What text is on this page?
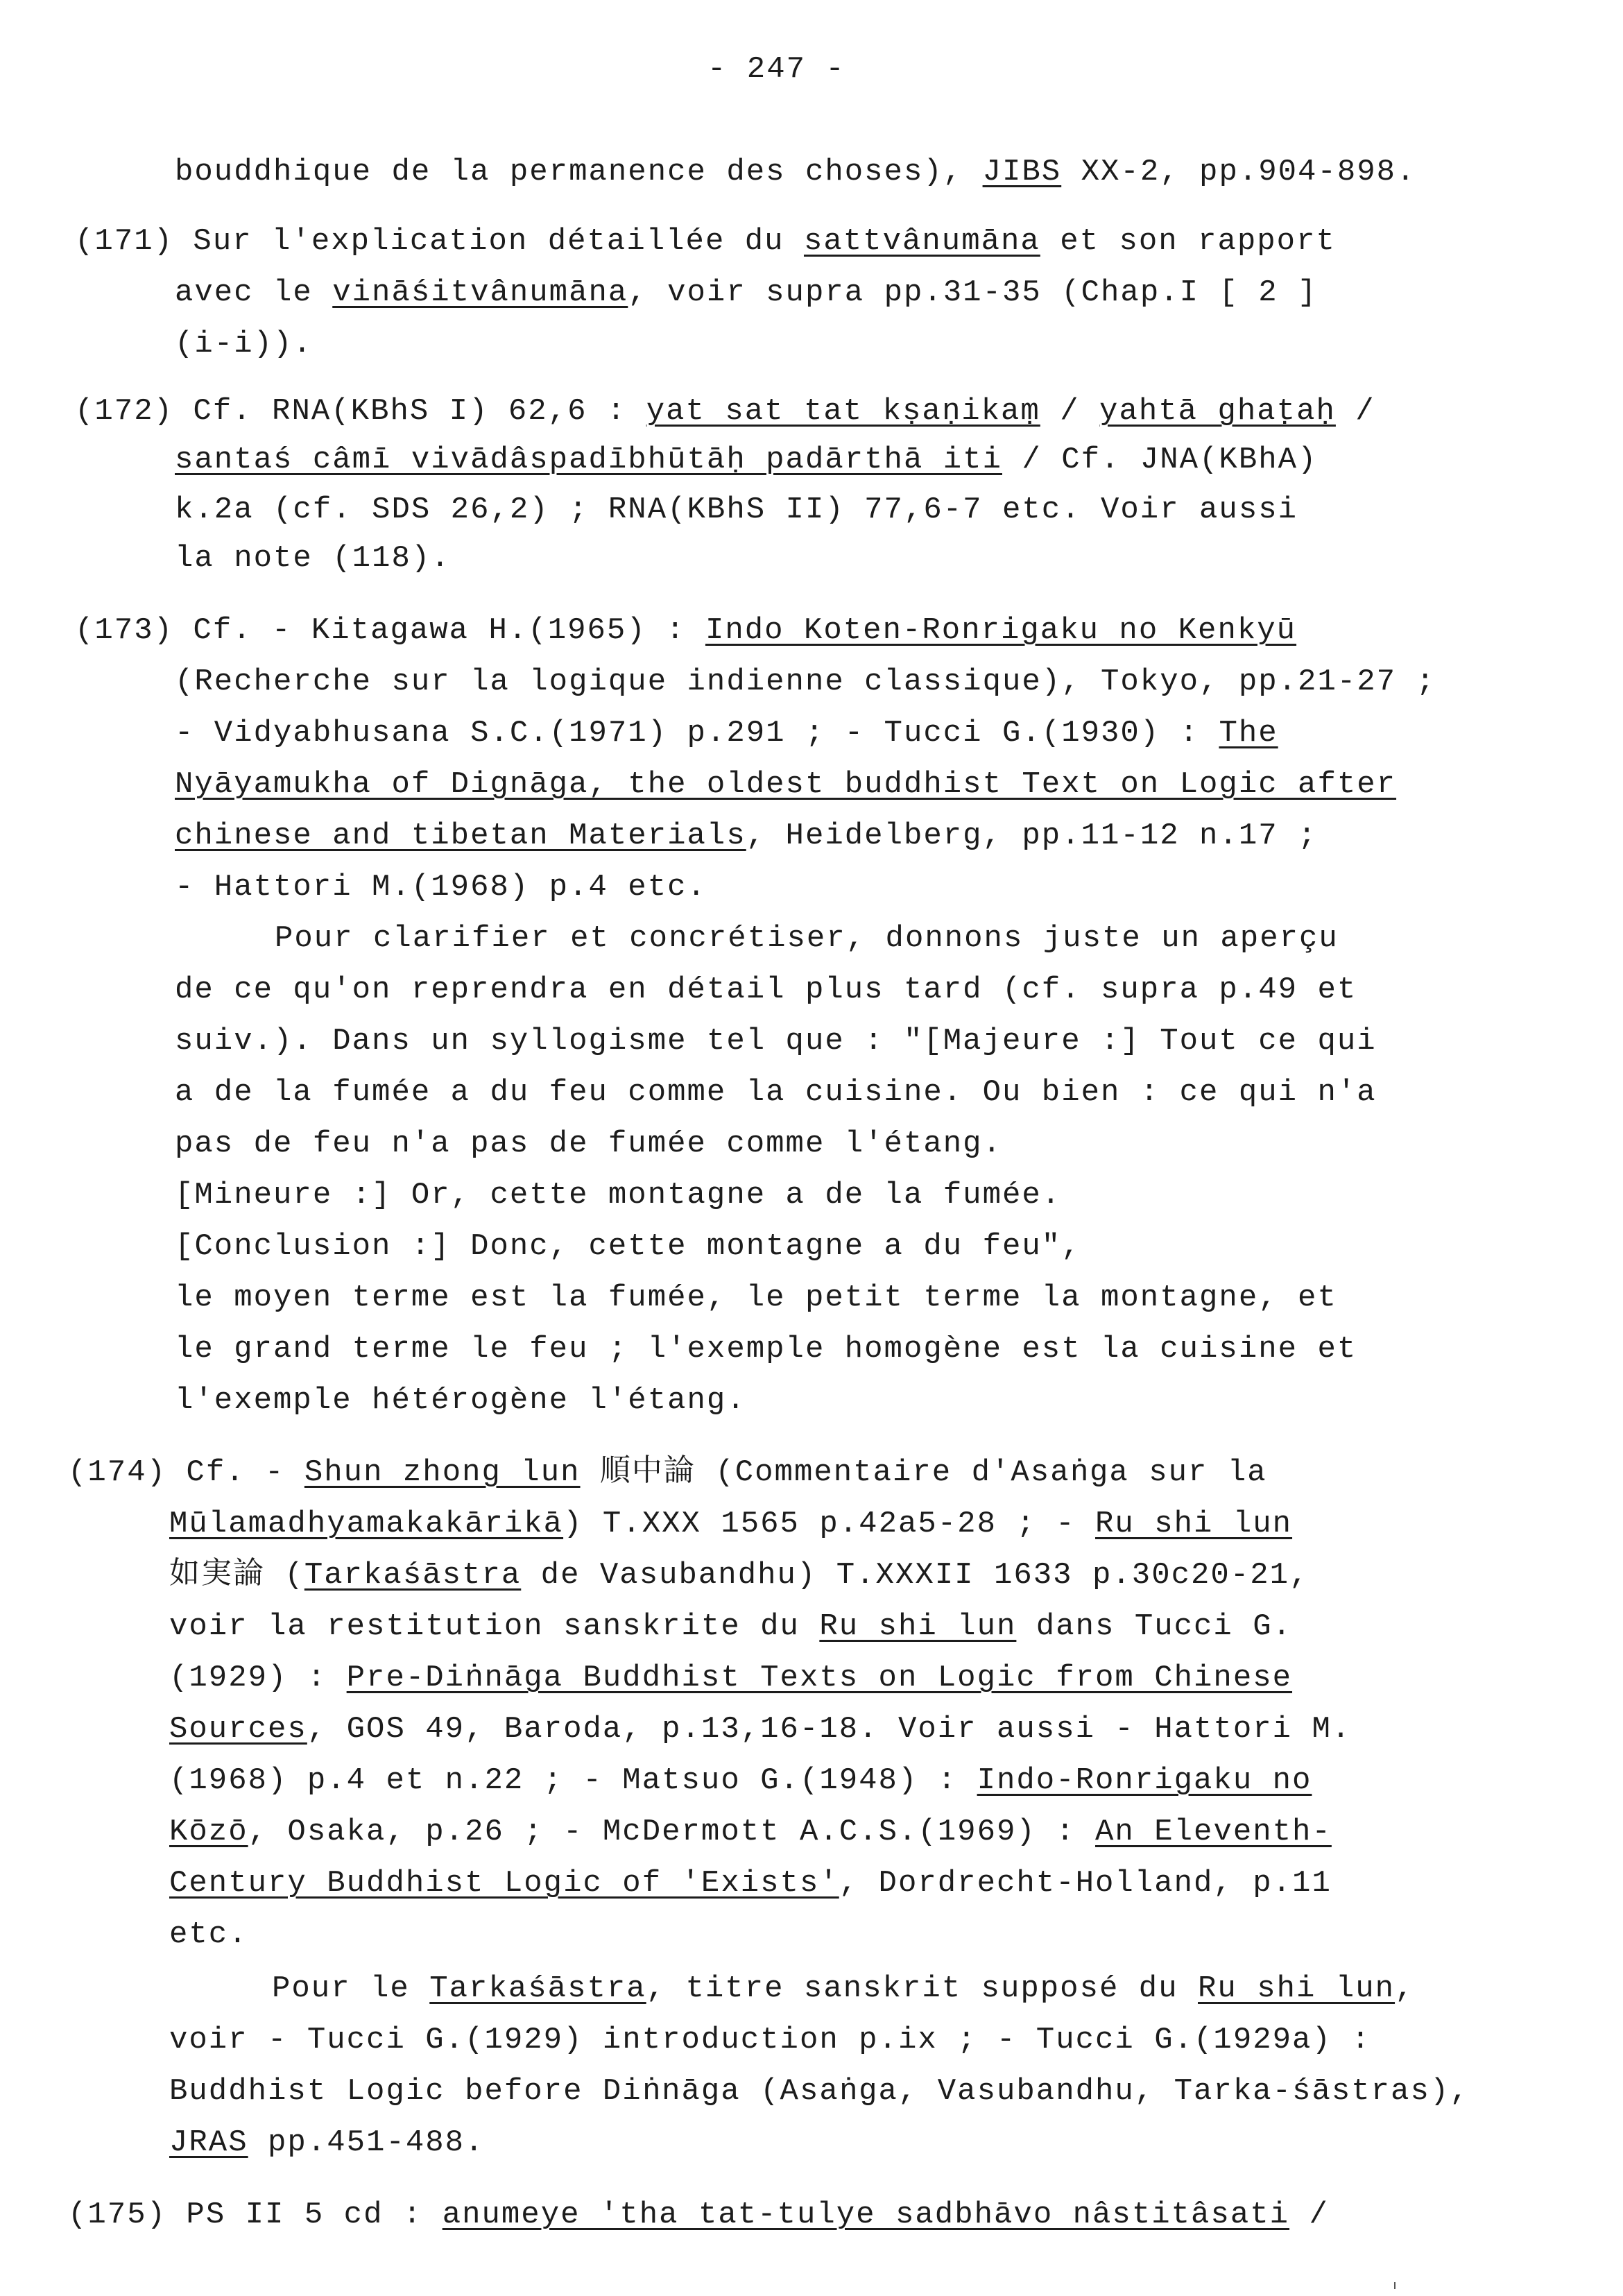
- 247 -
bouddhique de la permanence des choses), JIBS XX-2, pp.904-898.
(171) Sur l'explication détaillée du sattvânumāna et son rapport
avec le vināśitvânumāna, voir supra pp.31-35 (Chap.I [ 2 ]
(i-i)).
(172) Cf. RNA(KBhS I) 62,6 : yat sat tat kṣaṇikaṃ / yahtā ghaṭaḥ /
santaś câmī vivādâspadībhūtāḥ padārthā iti / Cf. JNA(KBhA)
k.2a (cf. SDS 26,2) ; RNA(KBhS II) 77,6-7 etc. Voir aussi
la note (118).
(173) Cf. - Kitagawa H.(1965) : Indo Koten-Ronrigaku no Kenkyū
(Recherche sur la logique indienne classique), Tokyo, pp.21-27 ;
- Vidyabhusana S.C.(1971) p.291 ; - Tucci G.(1930) : The
Nyāyamukha of Dignāga, the oldest buddhist Text on Logic after
chinese and tibetan Materials, Heidelberg, pp.11-12 n.17 ;
- Hattori M.(1968) p.4 etc.
Pour clarifier et concrétiser, donnons juste un aperçu
de ce qu'on reprendra en détail plus tard (cf. supra p.49 et
suiv.). Dans un syllogisme tel que : "[Majeure :] Tout ce qui
a de la fumée a du feu comme la cuisine. Ou bien : ce qui n'a
pas de feu n'a pas de fumée comme l'étang.
[Mineure :] Or, cette montagne a de la fumée.
[Conclusion :] Donc, cette montagne a du feu",
le moyen terme est la fumée, le petit terme la montagne, et
le grand terme le feu ; l'exemple homogène est la cuisine et
l'exemple hétérogène l'étang.
(174) Cf. - Shun zhong lun 順中論 (Commentaire d'Asaṅga sur la
Mūlamadhyamakakārikā) T.XXX 1565 p.42a5-28 ; - Ru shi lun
如実論 (Tarkaśāstra de Vasubandhu) T.XXXII 1633 p.30c20-21,
voir la restitution sanskrite du Ru shi lun dans Tucci G.
(1929) : Pre-Diṅnāga Buddhist Texts on Logic from Chinese
Sources, GOS 49, Baroda, p.13,16-18. Voir aussi - Hattori M.
(1968) p.4 et n.22 ; - Matsuo G.(1948) : Indo-Ronrigaku no
Kōzō, Osaka, p.26 ; - McDermott A.C.S.(1969) : An Eleventh-
Century Buddhist Logic of 'Exists', Dordrecht-Holland, p.11
etc.
Pour le Tarkaśāstra, titre sanskrit supposé du Ru shi lun,
voir - Tucci G.(1929) introduction p.ix ; - Tucci G.(1929a) :
Buddhist Logic before Diṅnāga (Asaṅga, Vasubandhu, Tarka-śāstras),
JRAS pp.451-488.
(175) PS II 5 cd : anumeye 'tha tat-tulye sadbhāvo nâstitâsati /
